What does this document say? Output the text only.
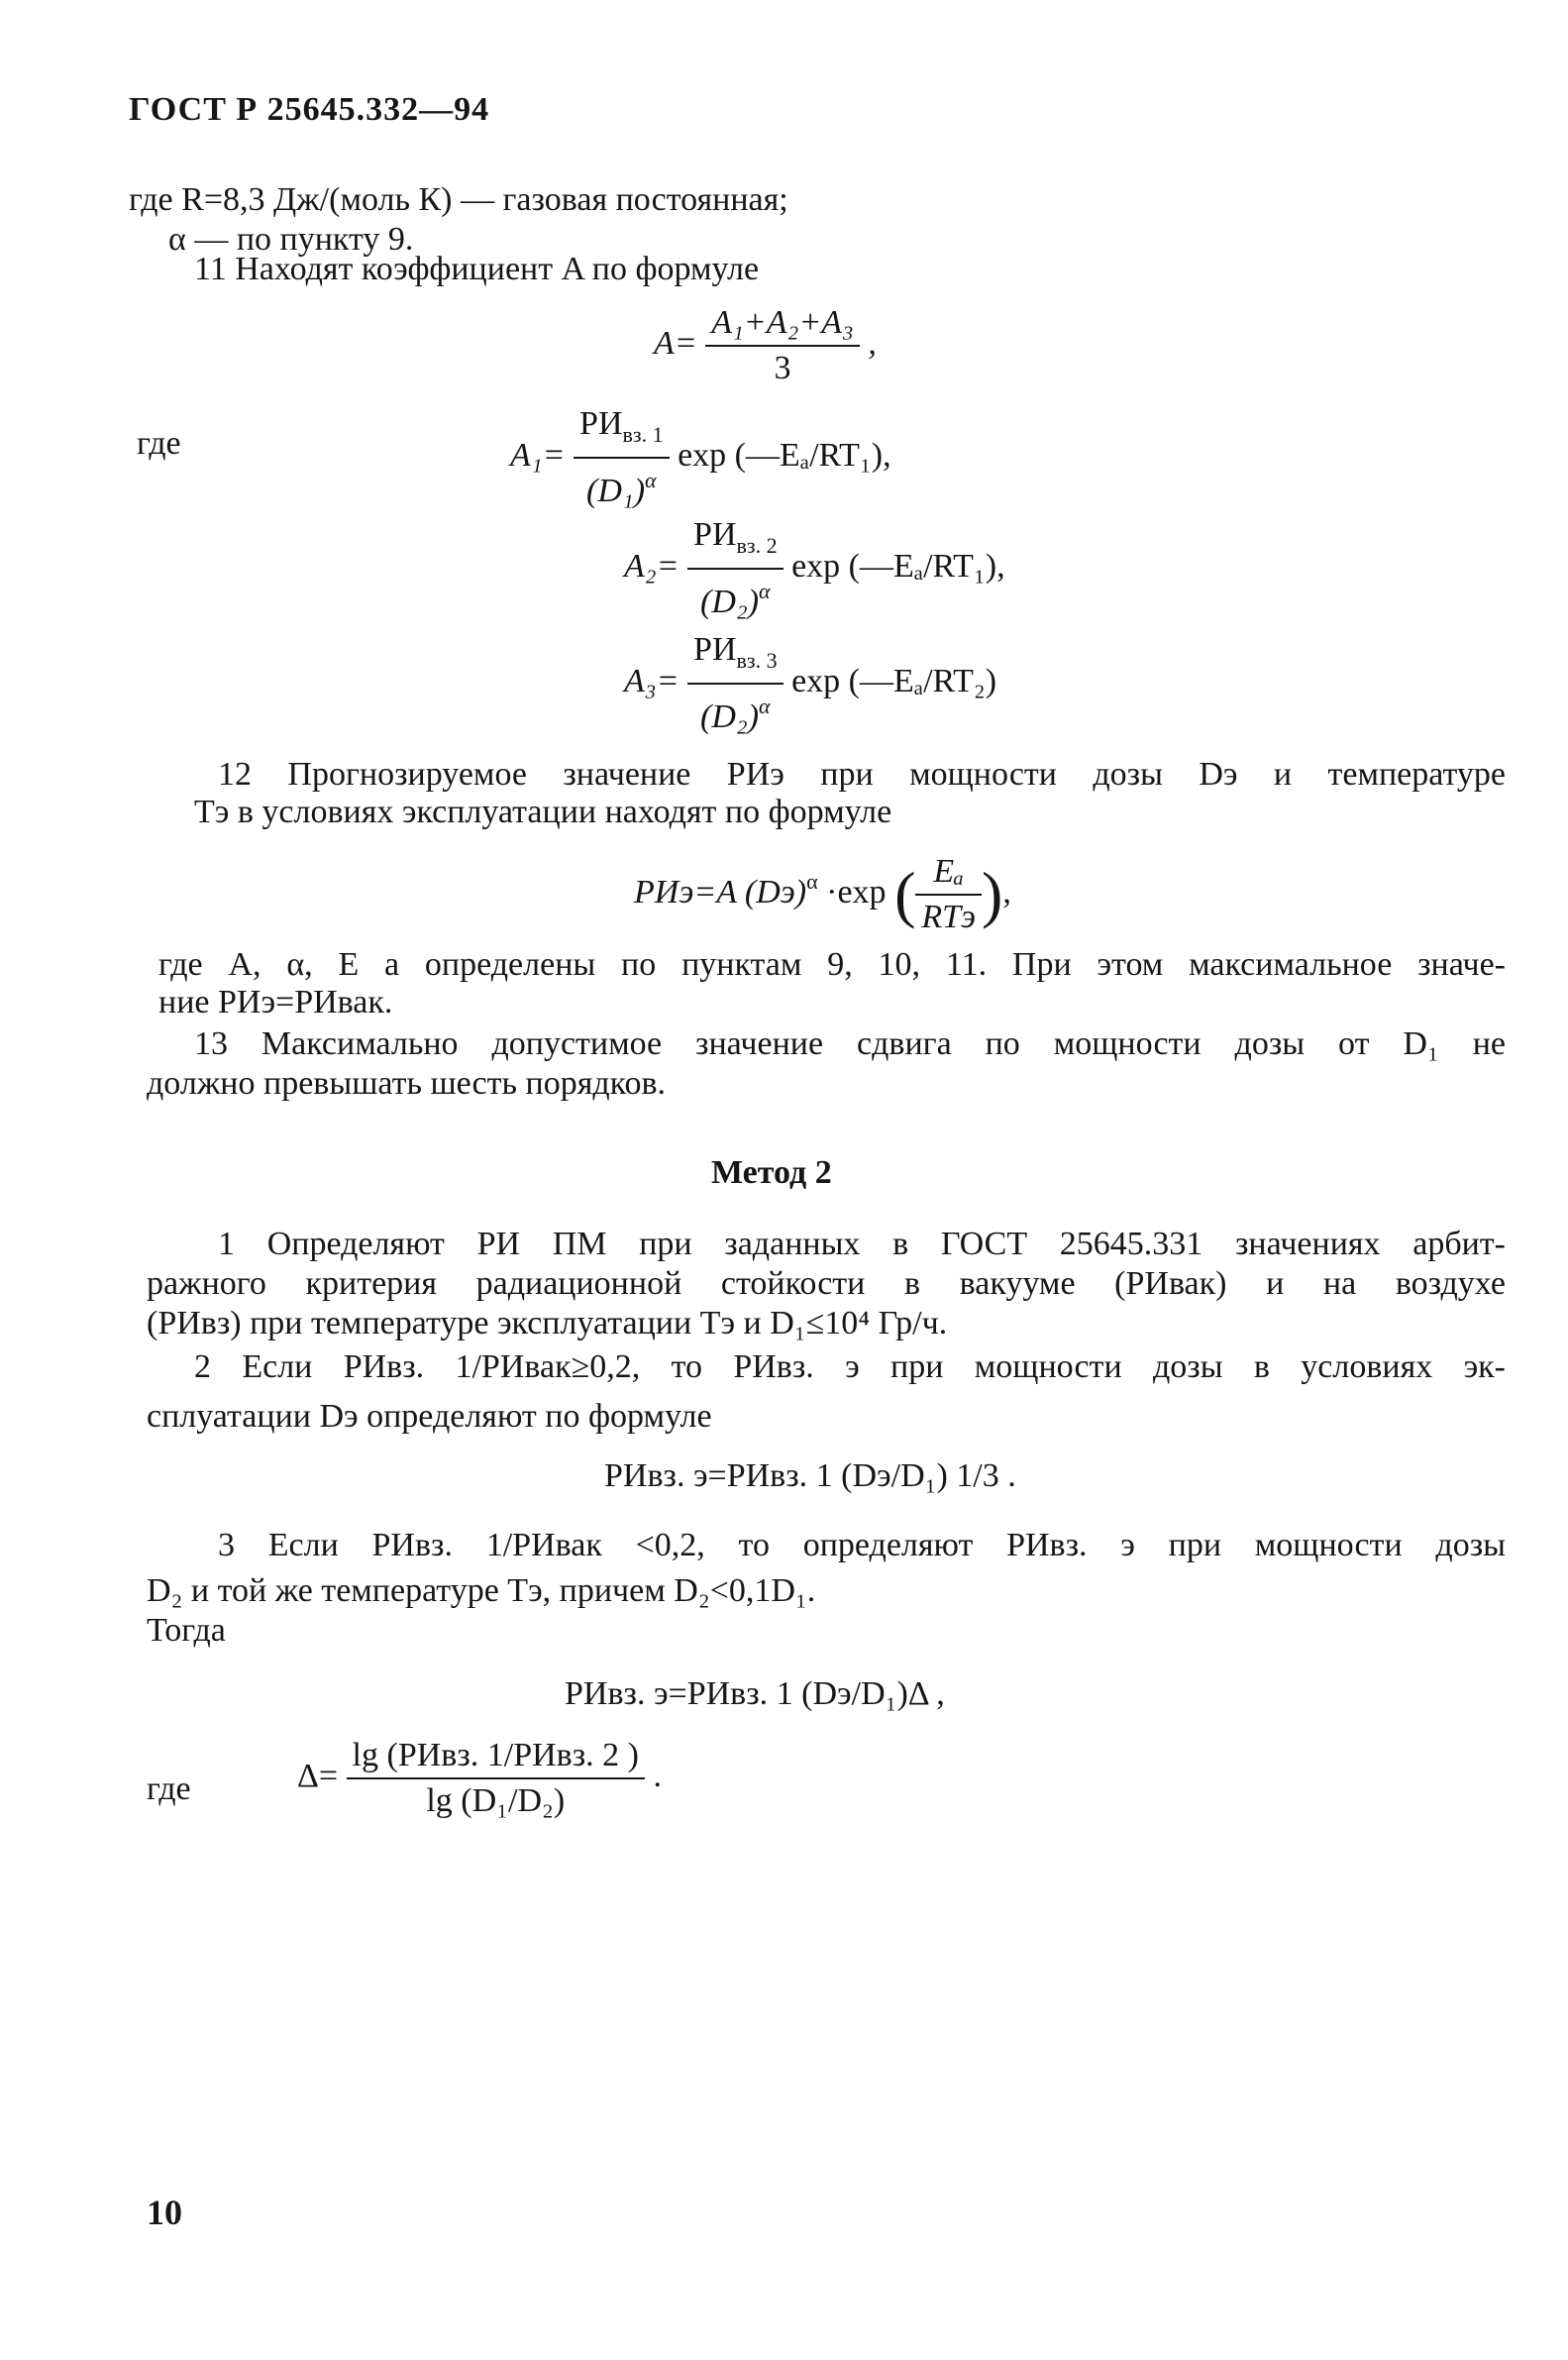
ГОСТ Р 25645.332—94
где R=8,3 Дж/(моль К) — газовая постоянная;
α — по пункту 9.
11 Находят коэффициент A по формуле
$A= \frac{\text{A₁+A₂+A₃}}{3}$ ,
где	$A_1= \frac{РИ_{вз. 1}}{(D_1)^\alpha}$ exp (—Eₐ/RT₁),
$A_2= \frac{РИ_{вз. 2}}{(D_2)^\alpha}$ exp (—Eₐ/RT₁),
$A_3= \frac{РИ_{вз. 3}}{(D_2)^\alpha}$ exp (—Eₐ/RT₂)
12 Прогнозируемое значение РИэ при мощности дозы Dэ и температуре
Tэ в условиях эксплуатации находят по формуле
РИэ=A (Dэ)$^\alpha$ ·exp ( $\frac{\text{Eₐ}}{\text{RTэ}}$ ),
где A, α, E а определены по пунктам 9, 10, 11. При этом максимальное значе-
ние РИэ=РИвак.
13 Максимально допустимое значение сдвига по мощности дозы от D₁ не
должно превышать шесть порядков.
Метод 2
1 Определяют РИ ПМ при заданных в ГОСТ 25645.331 значениях арбит-
ражного критерия радиационной стойкости в вакууме (РИвак) и на воздухе
(РИвз) при температуре эксплуатации Tэ и D₁≤10⁴ Гр/ч.
2 Если РИвз. 1/РИвак≥0,2, то РИвз. э при мощности дозы в условиях эк-
сплуатации Dэ определяют по формуле
РИвз. э=РИвз. 1 (Dэ/D₁) 1/3 .
3 Если РИвз. 1/РИвак <0,2, то определяют РИвз. э при мощности дозы
D₂ и той же температуре Tэ, причем D₂<0,1D₁.
Тогда
РИвз. э=РИвз. 1 (Dэ/D₁)Δ ,
где	$\Delta= \frac{\text{lg (РИвз. 1/РИвз. 2 )}}{\text{lg (D₁/D₂)}}$ .
10
